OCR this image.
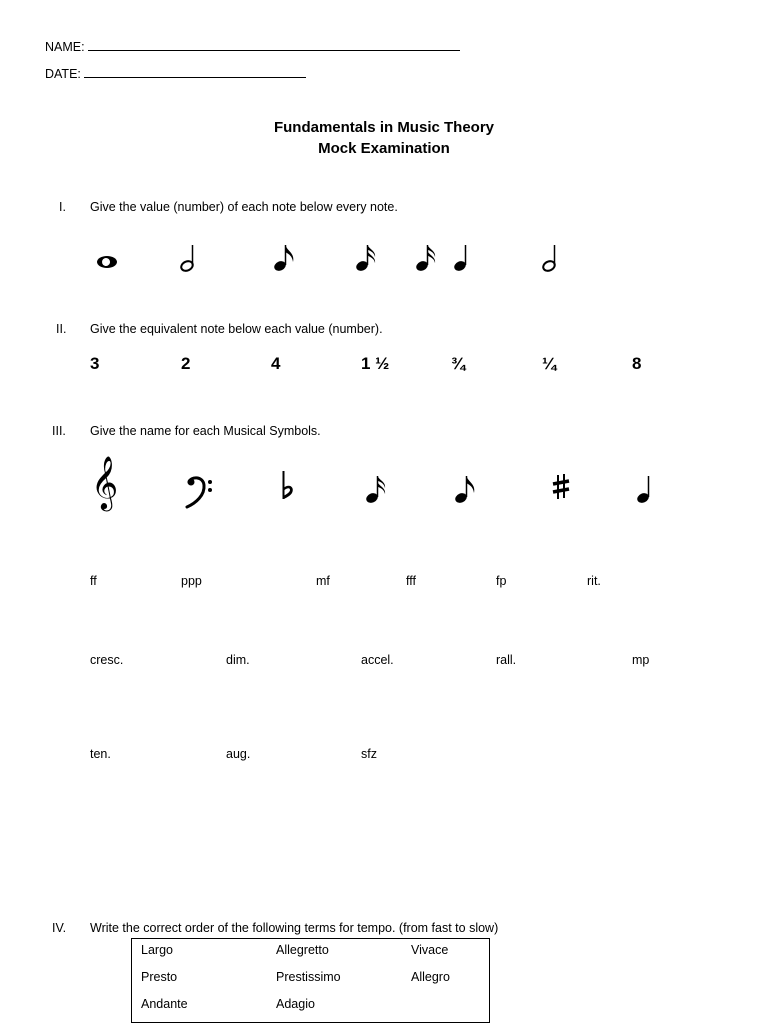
NAME:
DATE:
Fundamentals in Music Theory
Mock Examination
I. Give the value (number) of each note below every note.
II. Give the equivalent note below each value (number).
3	2	4	1 ½	¾	¼	8
III. Give the name for each Musical Symbols.
𝄞
ff	ppp	mf	fff	fp	rit.
cresc.	dim.	accel.	rall.	mp
ten.	aug.	sfz
IV. Write the correct order of the following terms for tempo. (from fast to slow)
Largo	Allegretto	Vivace
Presto	Prestissimo	Allegro
Andante	Adagio
